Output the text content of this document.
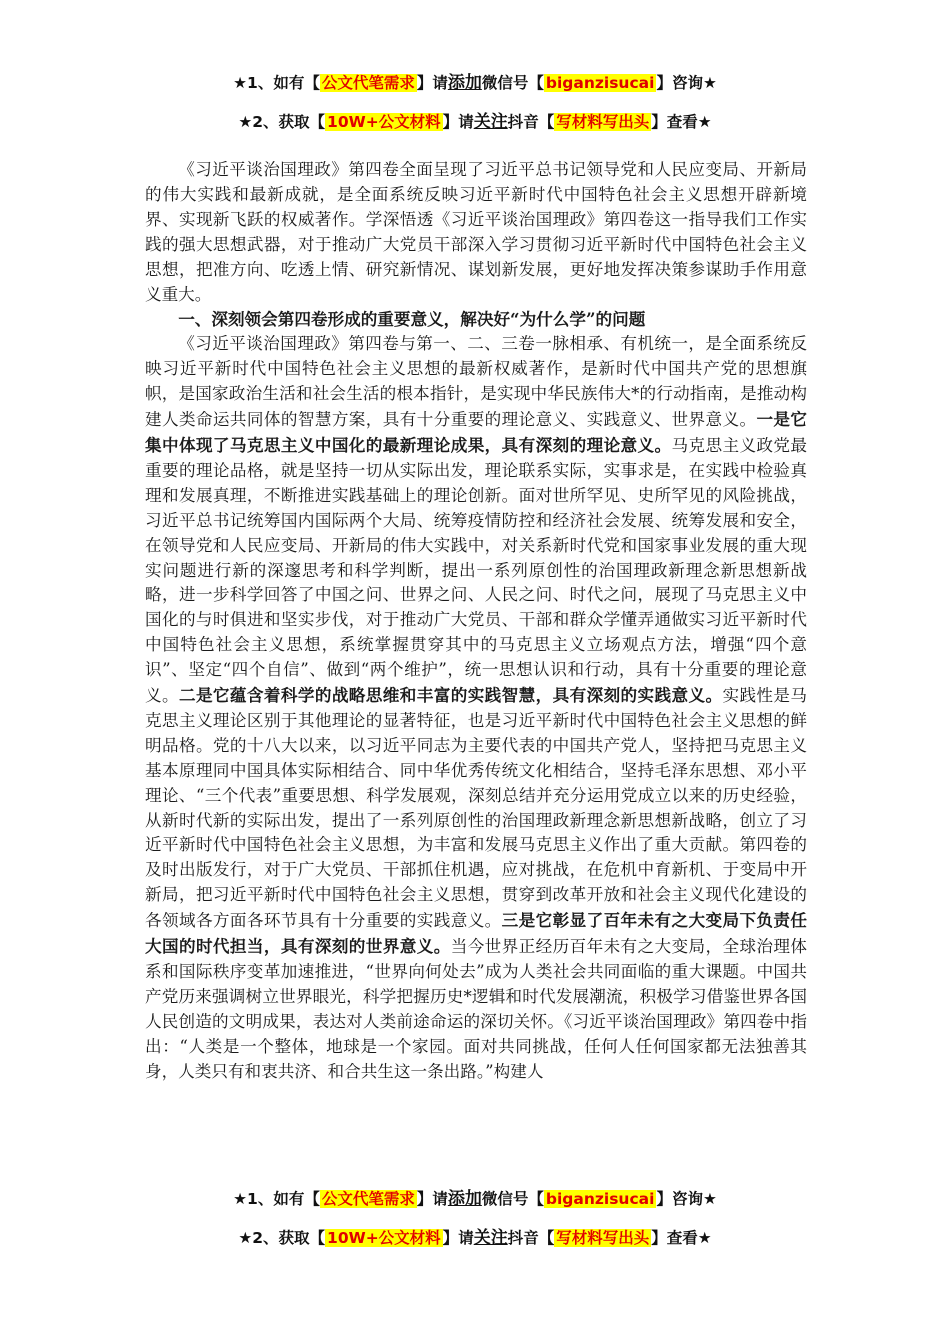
★1、如有【 公文代笔需求 】请添加微信号【 biganzisucai 】咨询★
★2、获取【 10W+公文材料 】请关注抖音【 写材料写出头 】查看★

《习近平谈治国理政》第四卷全面呈现了习近平总书记领导党和人民应变局、开新局的伟大实践和最新成就，是全面系统反映习近平新时代中国特色社会主义思想开辟新境界、实现新飞跃的权威著作。学深悟透《习近平谈治国理政》第四卷这一指导我们工作实践的强大思想武器，对于推动广大党员干部深入学习贯彻习近平新时代中国特色社会主义思想，把准方向、吃透上情、研究新情况、谋划新发展，更好地发挥决策参谋助手作用意义重大。

一、深刻领会第四卷形成的重要意义，解决好“为什么学”的问题

《习近平谈治国理政》第四卷与第一、二、三卷一脉相承、有机统一，是全面系统反映习近平新时代中国特色社会主义思想的最新权威著作，是新时代中国共产党的思想旗帜，是国家政治生活和社会生活的根本指针，是实现中华民族伟大*的行动指南，是推动构建人类命运共同体的智慧方案，具有十分重要的理论意义、实践意义、世界意义。一是它集中体现了马克思主义中国化的最新理论成果，具有深刻的理论意义。马克思主义政党最重要的理论品格，就是坚持一切从实际出发，理论联系实际，实事求是，在实践中检验真理和发展真理，不断推进实践基础上的理论创新。面对世所罕见、史所罕见的风险挑战，习近平总书记统筹国内国际两个大局、统筹疫情防控和经济社会发展、统筹发展和安全，在领导党和人民应变局、开新局的伟大实践中，对关系新时代党和国家事业发展的重大现实问题进行新的深邃思考和科学判断，提出一系列原创性的治国理政新理念新思想新战略，进一步科学回答了中国之问、世界之问、人民之问、时代之问，展现了马克思主义中国化的与时俱进和坚实步伐，对于推动广大党员、干部和群众学懂弄通做实习近平新时代中国特色社会主义思想，系统掌握贯穿其中的马克思主义立场观点方法，增强“四个意识”、坚定“四个自信”、做到“两个维护”，统一思想认识和行动，具有十分重要的理论意义。二是它蕴含着科学的战略思维和丰富的实践智慧，具有深刻的实践意义。实践性是马克思主义理论区别于其他理论的显著特征，也是习近平新时代中国特色社会主义思想的鲜明品格。党的十八大以来，以习近平同志为主要代表的中国共产党人，坚持把马克思主义基本原理同中国具体实际相结合、同中华优秀传统文化相结合，坚持毛泽东思想、邓小平理论、“三个代表”重要思想、科学发展观，深刻总结并充分运用党成立以来的历史经验，从新时代新的实际出发，提出了一系列原创性的治国理政新理念新思想新战略，创立了习近平新时代中国特色社会主义思想，为丰富和发展马克思主义作出了重大贡献。第四卷的及时出版发行，对于广大党员、干部抓住机遇，应对挑战，在危机中育新机、于变局中开新局，把习近平新时代中国特色社会主义思想，贯穿到改革开放和社会主义现代化建设的各领域各方面各环节具有十分重要的实践意义。三是它彰显了百年未有之大变局下负责任大国的时代担当，具有深刻的世界意义。当今世界正经历百年未有之大变局，全球治理体系和国际秩序变革加速推进，“世界向何处去”成为人类社会共同面临的重大课题。中国共产党历来强调树立世界眼光，科学把握历史*逻辑和时代发展潮流，积极学习借鉴世界各国人民创造的文明成果，表达对人类前途命运的深切关怀。《习近平谈治国理政》第四卷中指出：“人类是一个整体，地球是一个家园。面对共同挑战，任何人任何国家都无法独善其身，人类只有和衷共济、和合共生这一条出路。”构建人

★1、如有【 公文代笔需求 】请添加微信号【 biganzisucai 】咨询★
★2、获取【 10W+公文材料 】请关注抖音【 写材料写出头 】查看★
